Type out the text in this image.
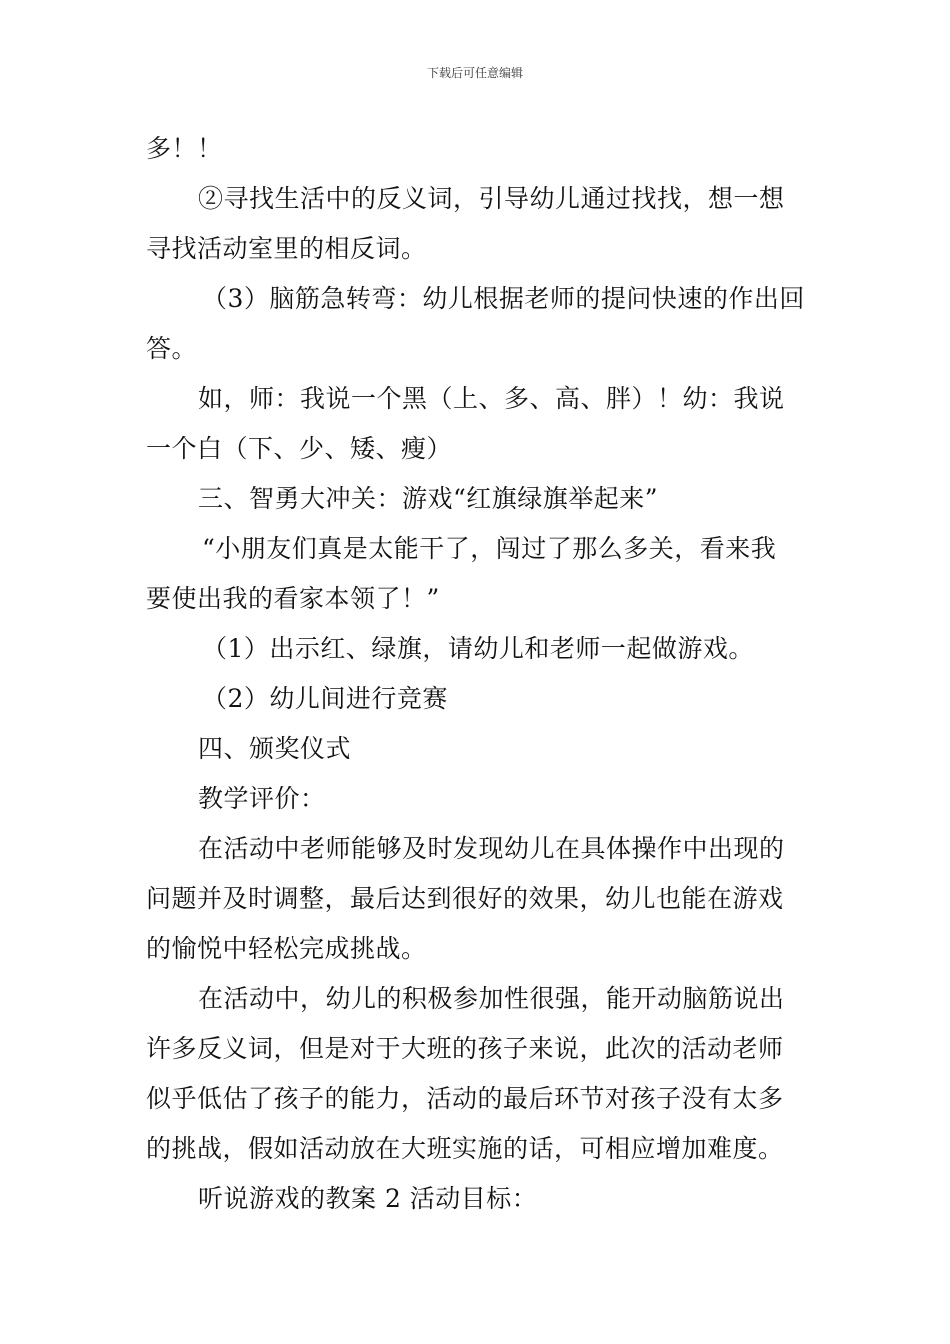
下载后可任意编辑
多！！
②寻找生活中的反义词，引导幼儿通过找找，想一想
寻找活动室里的相反词。
（3）脑筋急转弯：幼儿根据老师的提问快速的作出回
答。
如，师：我说一个黑（上、多、高、胖）！幼：我说
一个白（下、少、矮、瘦）
三、智勇大冲关：游戏“红旗绿旗举起来”
“小朋友们真是太能干了，闯过了那么多关，看来我
要使出我的看家本领了！”
（1）出示红、绿旗，请幼儿和老师一起做游戏。
（2）幼儿间进行竞赛
四、颁奖仪式
教学评价：
在活动中老师能够及时发现幼儿在具体操作中出现的
问题并及时调整，最后达到很好的效果，幼儿也能在游戏
的愉悦中轻松完成挑战。
在活动中，幼儿的积极参加性很强，能开动脑筋说出
许多反义词，但是对于大班的孩子来说，此次的活动老师
似乎低估了孩子的能力，活动的最后环节对孩子没有太多
的挑战，假如活动放在大班实施的话，可相应增加难度。
听说游戏的教案 2 活动目标：
